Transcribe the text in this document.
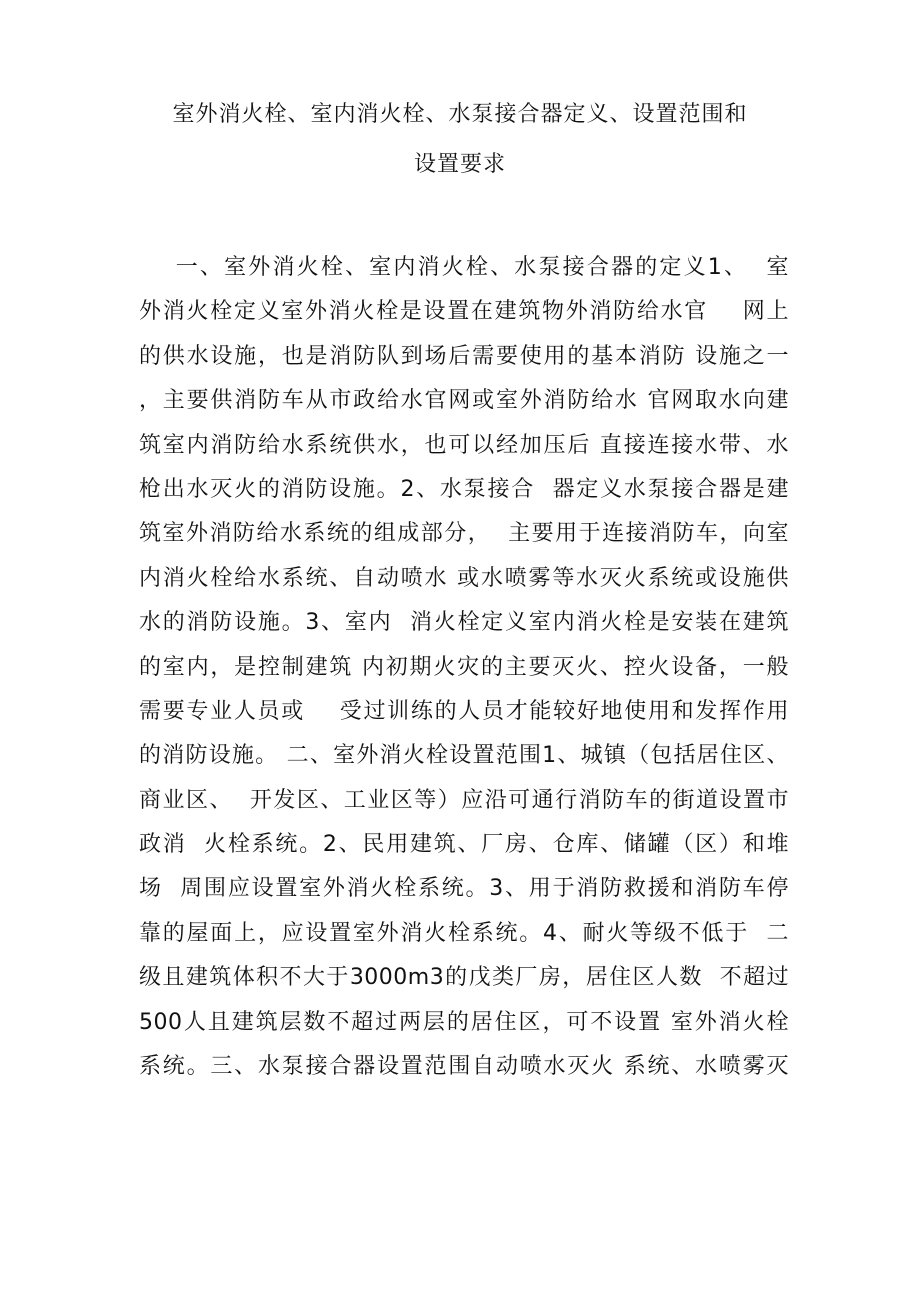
室外消火栓、室内消火栓、水泵接合器定义、设置范围和
设置要求
一、室外消火栓、室内消火栓、水泵接合器的定义1、  室
外消火栓定义室外消火栓是设置在建筑物外消防给水官    网上
的供水设施，也是消防队到场后需要使用的基本消防 设施之一
，主要供消防车从市政给水官网或室外消防给水 官网取水向建
筑室内消防给水系统供水，也可以经加压后 直接连接水带、水
枪出水灭火的消防设施。2、水泵接合  器定义水泵接合器是建
筑室外消防给水系统的组成部分，  主要用于连接消防车，向室
内消火栓给水系统、自动喷水 或水喷雾等水灭火系统或设施供
水的消防设施。3、室内  消火栓定义室内消火栓是安装在建筑
的室内，是控制建筑 内初期火灾的主要灭火、控火设备，一般
需要专业人员或    受过训练的人员才能较好地使用和发挥作用
的消防设施。 二、室外消火栓设置范围1、城镇（包括居住区、
商业区、  开发区、工业区等）应沿可通行消防车的街道设置市
政消  火栓系统。2、民用建筑、厂房、仓库、储罐（区）和堆
场  周围应设置室外消火栓系统。3、用于消防救援和消防车停
靠的屋面上，应设置室外消火栓系统。4、耐火等级不低于  二
级且建筑体积不大于3000m3的戊类厂房，居住区人数  不超过
500人且建筑层数不超过两层的居住区，可不设置 室外消火栓
系统。三、水泵接合器设置范围自动喷水灭火 系统、水喷雾灭
